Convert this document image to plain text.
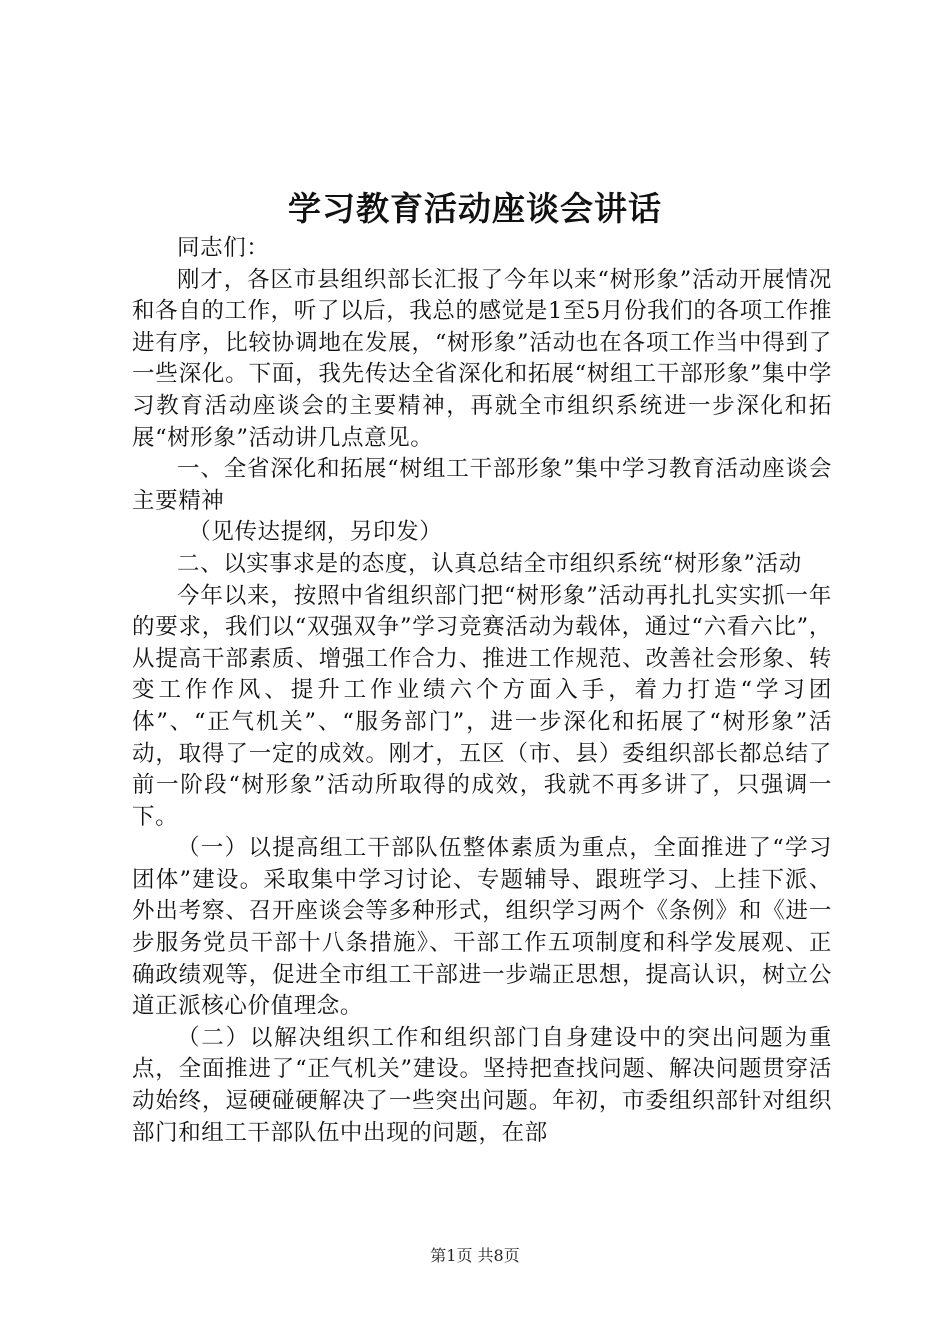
学习教育活动座谈会讲话

同志们：

刚才，各区市县组织部长汇报了今年以来“树形象”活动开展情况和各自的工作，听了以后，我总的感觉是1至5月份我们的各项工作推进有序，比较协调地在发展，“树形象”活动也在各项工作当中得到了一些深化。下面，我先传达全省深化和拓展“树组工干部形象”集中学习教育活动座谈会的主要精神，再就全市组织系统进一步深化和拓展“树形象”活动讲几点意见。

一、全省深化和拓展“树组工干部形象”集中学习教育活动座谈会主要精神

（见传达提纲，另印发）

二、以实事求是的态度，认真总结全市组织系统“树形象”活动

今年以来，按照中省组织部门把“树形象”活动再扎扎实实抓一年的要求，我们以“双强双争”学习竞赛活动为载体，通过“六看六比”，从提高干部素质、增强工作合力、推进工作规范、改善社会形象、转变工作作风、提升工作业绩六个方面入手，着力打造“学习团体”、“正气机关”、“服务部门”，进一步深化和拓展了“树形象”活动，取得了一定的成效。刚才，五区（市、县）委组织部长都总结了前一阶段“树形象”活动所取得的成效，我就不再多讲了，只强调一下。

（一）以提高组工干部队伍整体素质为重点，全面推进了“学习团体”建设。采取集中学习讨论、专题辅导、跟班学习、上挂下派、外出考察、召开座谈会等多种形式，组织学习两个《条例》和《进一步服务党员干部十八条措施》、干部工作五项制度和科学发展观、正确政绩观等，促进全市组工干部进一步端正思想，提高认识，树立公道正派核心价值理念。

（二）以解决组织工作和组织部门自身建设中的突出问题为重点，全面推进了“正气机关”建设。坚持把查找问题、解决问题贯穿活动始终，逗硬碰硬解决了一些突出问题。年初，市委组织部针对组织部门和组工干部队伍中出现的问题，在部

第1页 共8页
